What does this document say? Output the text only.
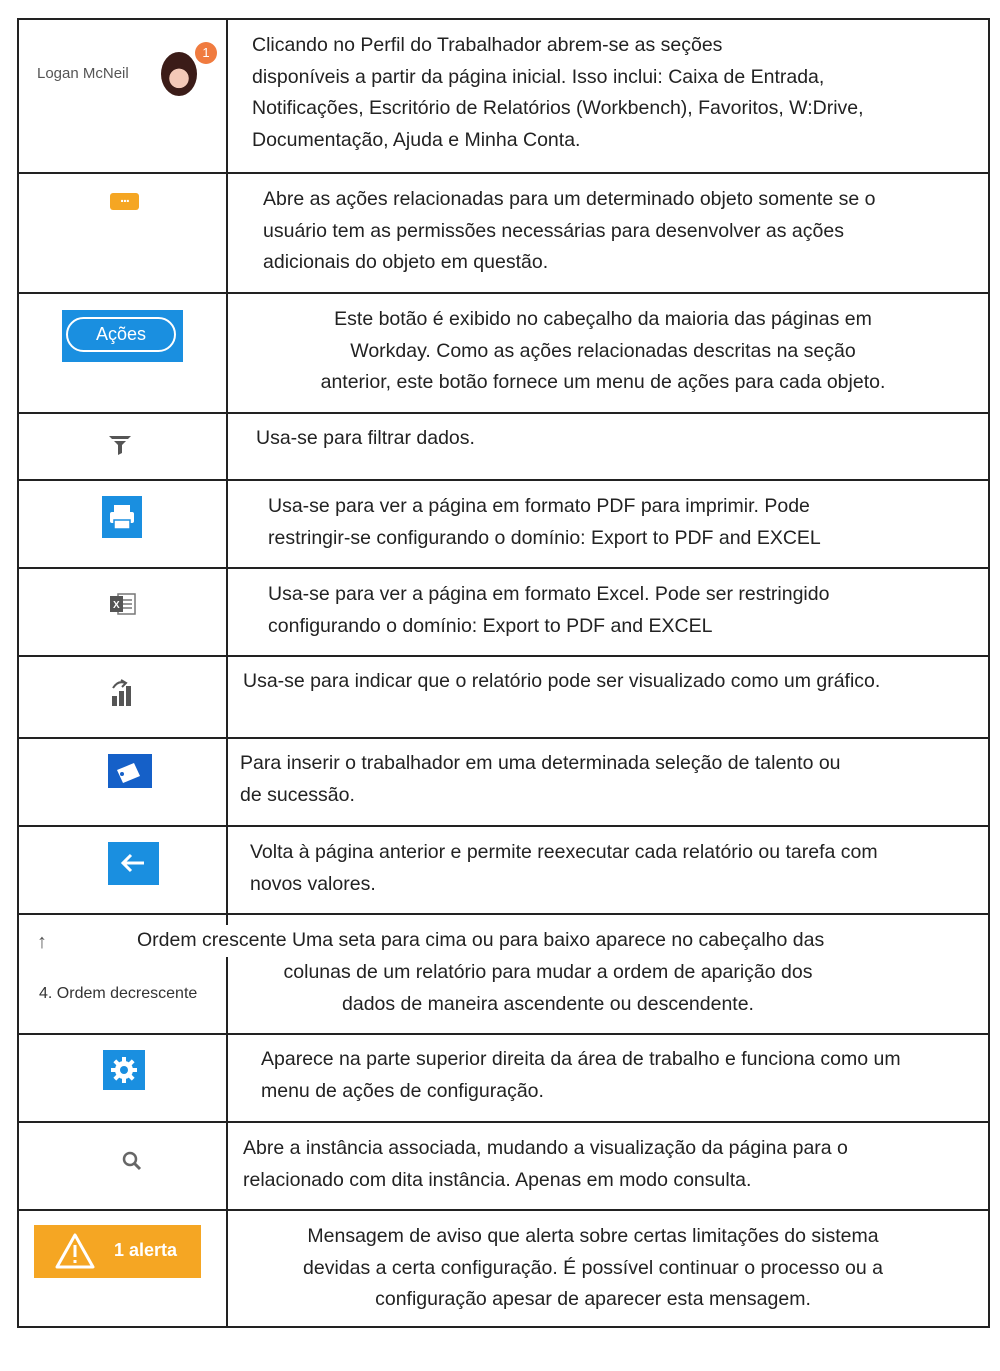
Logan McNeil
1	Clicando no Perfil do Trabalhador abrem-se as seções
disponíveis a partir da página inicial. Isso inclui: Caixa de Entrada,
Notificações, Escritório de Relatórios (Workbench), Favoritos, W:Drive,
Documentação, Ajuda e Minha Conta.
...	Abre as ações relacionadas para um determinado objeto somente se o
usuário tem as permissões necessárias para desenvolver as ações
adicionais do objeto em questão.
Ações
Este botão é exibido no cabeçalho da maioria das páginas em
Workday. Como as ações relacionadas descritas na seção
anterior, este botão fornece um menu de ações para cada objeto.
Usa-se para filtrar dados.
Usa-se para ver a página em formato PDF para imprimir. Pode
restringir-se configurando o domínio: Export to PDF and EXCEL
X
Usa-se para ver a página em formato Excel. Pode ser restringido
configurando o domínio: Export to PDF and EXCEL
Usa-se para indicar que o relatório pode ser visualizado como um gráfico.
Para inserir o trabalhador em uma determinada seleção de talento ou
de sucessão.
Volta à página anterior e permite reexecutar cada relatório ou tarefa com
novos valores.
↑
4. Ordem decrescente
Ordem crescente Uma seta para cima ou para baixo aparece no cabeçalho das
colunas de um relatório para mudar a ordem de aparição dos
dados de maneira ascendente ou descendente.
Aparece na parte superior direita da área de trabalho e funciona como um
menu de ações de configuração.
Abre a instância associada, mudando a visualização da página para o
relacionado com dita instância. Apenas em modo consulta.
1 alerta
Mensagem de aviso que alerta sobre certas limitações do sistema
devidas a certa configuração. É possível continuar o processo ou a
configuração apesar de aparecer esta mensagem.
